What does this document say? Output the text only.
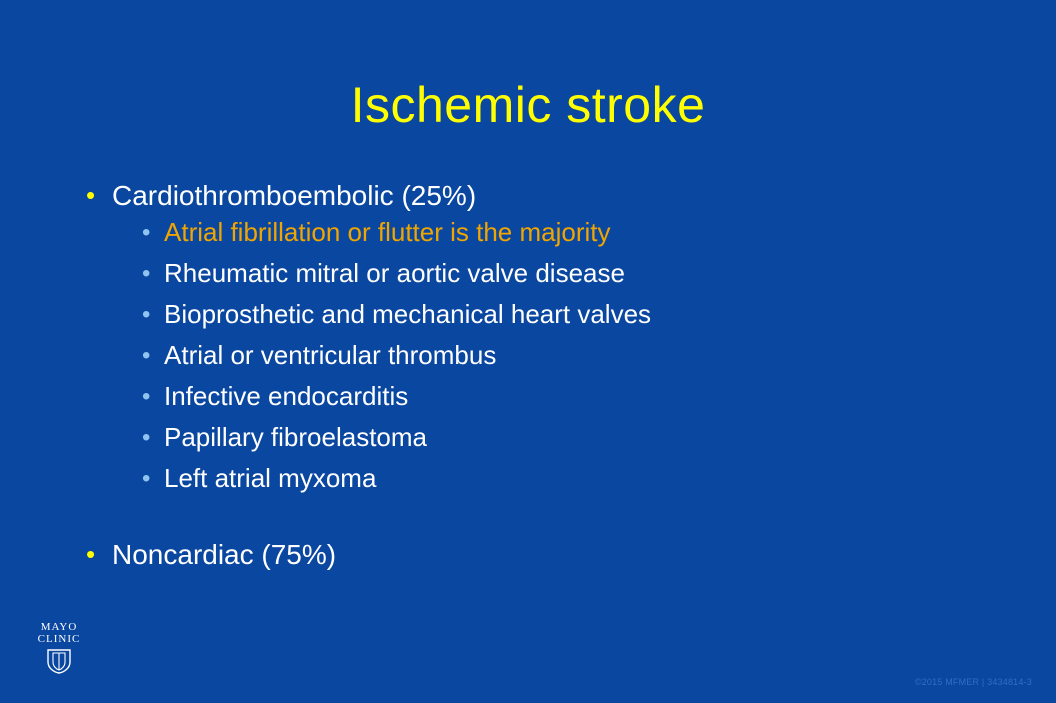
Ischemic stroke
• Cardiothromboembolic (25%)
• Atrial fibrillation or flutter is the majority
• Rheumatic mitral or aortic valve disease
• Bioprosthetic and mechanical heart valves
• Atrial or ventricular thrombus
• Infective endocarditis
• Papillary fibroelastoma
• Left atrial myxoma
• Noncardiac (75%)
MAYO
CLINIC
©2015 MFMER | 3434814-3
